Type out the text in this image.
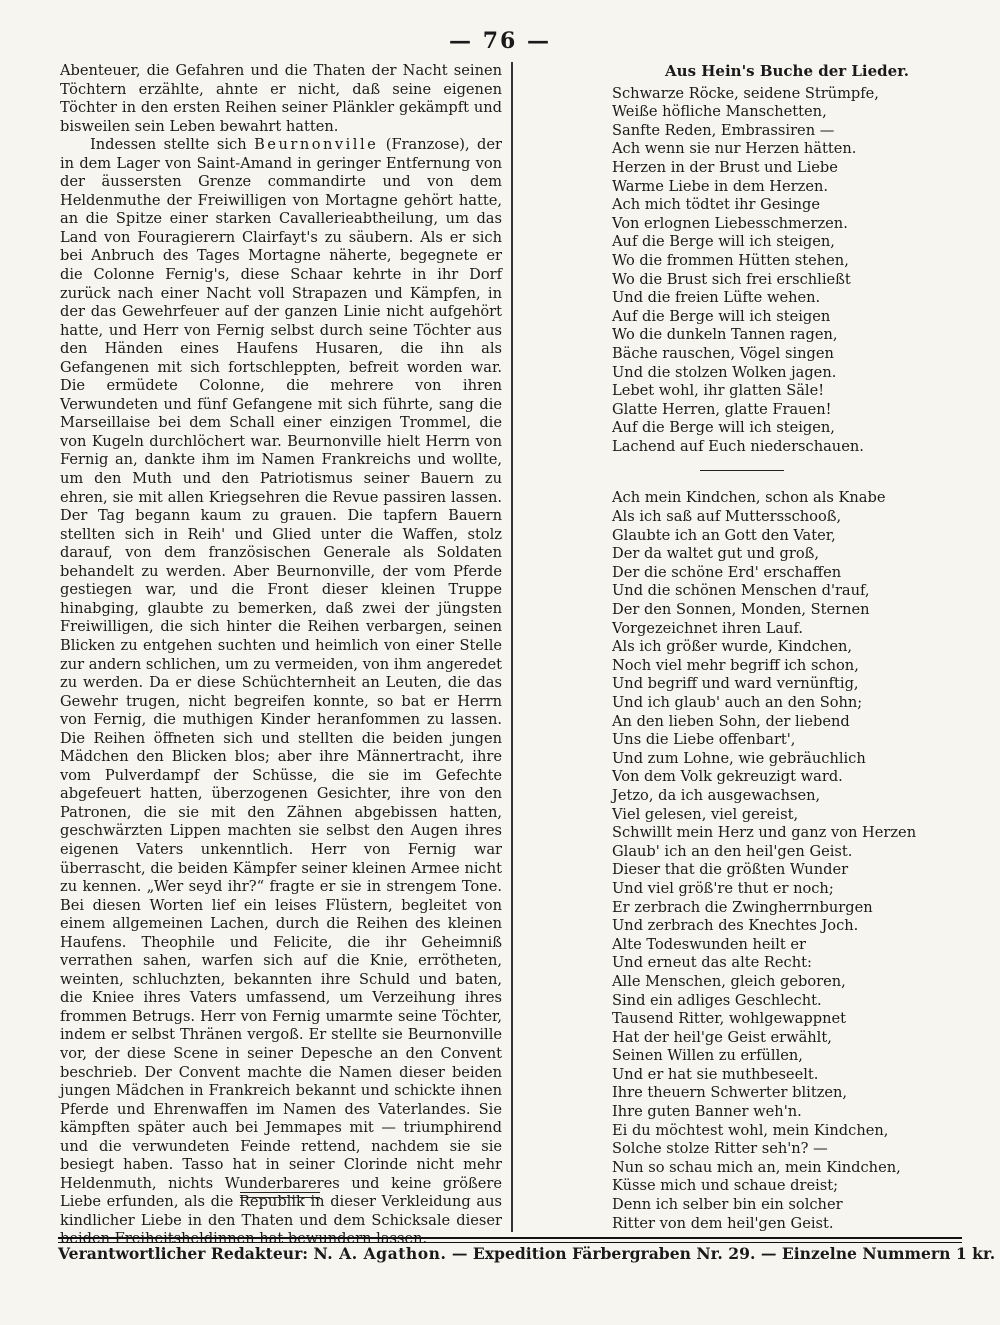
— 76 —

Abenteuer, die Gefahren und die Thaten der Nacht seinen Töchtern erzählte, ahnte er nicht, daß seine eigenen Töchter in den ersten Reihen seiner Plänkler gekämpft und bisweilen sein Leben bewahrt hatten.

Indessen stellte sich Beurnonville (Franzose), der in dem Lager von Saint-Amand in geringer Entfernung von der äussersten Grenze commandirte und von dem Heldenmuthe der Freiwilligen von Mortagne gehört hatte, an die Spitze einer starken Cavallerieabtheilung, um das Land von Fouragierern Clairfayt's zu säubern. Als er sich bei Anbruch des Tages Mortagne näherte, begegnete er die Colonne Fernig's, diese Schaar kehrte in ihr Dorf zurück nach einer Nacht voll Strapazen und Kämpfen, in der das Gewehrfeuer auf der ganzen Linie nicht aufgehört hatte, und Herr von Fernig selbst durch seine Töchter aus den Händen eines Haufens Husaren, die ihn als Gefangenen mit sich fortschleppten, befreit worden war. Die ermüdete Colonne, die mehrere von ihren Verwundeten und fünf Gefangene mit sich führte, sang die Marseillaise bei dem Schall einer einzigen Trommel, die von Kugeln durchlöchert war. Beurnonville hielt Herrn von Fernig an, dankte ihm im Namen Frankreichs und wollte, um den Muth und den Patriotismus seiner Bauern zu ehren, sie mit allen Kriegsehren die Revue passiren lassen. Der Tag begann kaum zu grauen. Die tapfern Bauern stellten sich in Reih' und Glied unter die Waffen, stolz darauf, von dem französischen Generale als Soldaten behandelt zu werden. Aber Beurnonville, der vom Pferde gestiegen war, und die Front dieser kleinen Truppe hinabging, glaubte zu bemerken, daß zwei der jüngsten Freiwilligen, die sich hinter die Reihen verbargen, seinen Blicken zu entgehen suchten und heimlich von einer Stelle zur andern schlichen, um zu vermeiden, von ihm angeredet zu werden. Da er diese Schüchternheit an Leuten, die das Gewehr trugen, nicht begreifen konnte, so bat er Herrn von Fernig, die muthigen Kinder heranfommen zu lassen. Die Reihen öffneten sich und stellten die beiden jungen Mädchen den Blicken blos; aber ihre Männertracht, ihre vom Pulverdampf der Schüsse, die sie im Gefechte abgefeuert hatten, überzogenen Gesichter, ihre von den Patronen, die sie mit den Zähnen abgebissen hatten, geschwärzten Lippen machten sie selbst den Augen ihres eigenen Vaters unkenntlich. Herr von Fernig war überrascht, die beiden Kämpfer seiner kleinen Armee nicht zu kennen. „Wer seyd ihr?“ fragte er sie in strengem Tone. Bei diesen Worten lief ein leises Flüstern, begleitet von einem allgemeinen Lachen, durch die Reihen des kleinen Haufens. Theophile und Felicite, die ihr Geheimniß verrathen sahen, warfen sich auf die Knie, errötheten, weinten, schluchzten, bekannten ihre Schuld und baten, die Kniee ihres Vaters umfassend, um Verzeihung ihres frommen Betrugs. Herr von Fernig umarmte seine Töchter, indem er selbst Thränen vergoß. Er stellte sie Beurnonville vor, der diese Scene in seiner Depesche an den Convent beschrieb. Der Convent machte die Namen dieser beiden jungen Mädchen in Frankreich bekannt und schickte ihnen Pferde und Ehrenwaffen im Namen des Vaterlandes. Sie kämpften später auch bei Jemmapes mit — triumphirend und die verwundeten Feinde rettend, nachdem sie sie besiegt haben. Tasso hat in seiner Clorinde nicht mehr Heldenmuth, nichts Wunderbareres und keine größere Liebe erfunden, als die Republik in dieser Verkleidung aus kindlicher Liebe in den Thaten und dem Schicksale dieser beiden Freiheitsheldinnen hat bewundern lassen.

Aus Hein's Buche der Lieder.
Schwarze Röcke, seidene Strümpfe,
Weiße höfliche Manschetten,
Sanfte Reden, Embrassiren —
Ach wenn sie nur Herzen hätten.
Herzen in der Brust und Liebe
Warme Liebe in dem Herzen.
Ach mich tödtet ihr Gesinge
Von erlognen Liebesschmerzen.
Auf die Berge will ich steigen,
Wo die frommen Hütten stehen,
Wo die Brust sich frei erschließt
Und die freien Lüfte wehen.
Auf die Berge will ich steigen
Wo die dunkeln Tannen ragen,
Bäche rauschen, Vögel singen
Und die stolzen Wolken jagen.
Lebet wohl, ihr glatten Säle!
Glatte Herren, glatte Frauen!
Auf die Berge will ich steigen,
Lachend auf Euch niederschauen.
Ach mein Kindchen, schon als Knabe
Als ich saß auf Muttersschooß,
Glaubte ich an Gott den Vater,
Der da waltet gut und groß,
Der die schöne Erd' erschaffen
Und die schönen Menschen d'rauf,
Der den Sonnen, Monden, Sternen
Vorgezeichnet ihren Lauf.
Als ich größer wurde, Kindchen,
Noch viel mehr begriff ich schon,
Und begriff und ward vernünftig,
Und ich glaub' auch an den Sohn;
An den lieben Sohn, der liebend
Uns die Liebe offenbart',
Und zum Lohne, wie gebräuchlich
Von dem Volk gekreuzigt ward.
Jetzo, da ich ausgewachsen,
Viel gelesen, viel gereist,
Schwillt mein Herz und ganz von Herzen
Glaub' ich an den heil'gen Geist.
Dieser that die größten Wunder
Und viel größ're thut er noch;
Er zerbrach die Zwingherrnburgen
Und zerbrach des Knechtes Joch.
Alte Todeswunden heilt er
Und erneut das alte Recht:
Alle Menschen, gleich geboren,
Sind ein adliges Geschlecht.
Tausend Ritter, wohlgewappnet
Hat der heil'ge Geist erwählt,
Seinen Willen zu erfüllen,
Und er hat sie muthbeseelt.
Ihre theuern Schwerter blitzen,
Ihre guten Banner weh'n.
Ei du möchtest wohl, mein Kindchen,
Solche stolze Ritter seh'n? —
Nun so schau mich an, mein Kindchen,
Küsse mich und schaue dreist;
Denn ich selber bin ein solcher
Ritter von dem heil'gen Geist.
Verantwortlicher Redakteur: N. A. Agathon. — Expedition Färbergraben Nr. 29. — Einzelne Nummern 1 kr.
